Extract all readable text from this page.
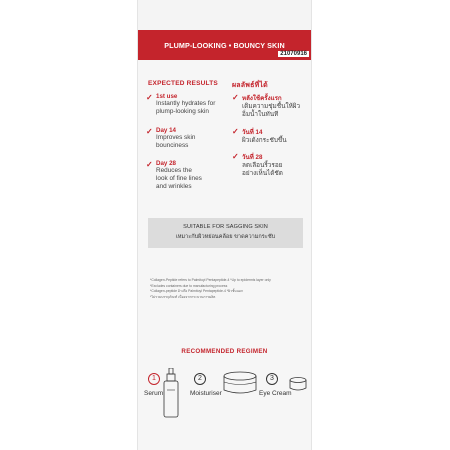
PLUMP-LOOKING • BOUNCY SKIN
21070916
EXPECTED RESULTS ผลลัพธ์ที่ได้
✓ 1st use
Instantly hydrates for
plump-looking skin
✓ Day 14
Improves skin
bounciness
✓ Day 28
Reduces the
look of fine lines
and wrinkles
✓ หลังใช้ครั้งแรก
เติมความชุ่มชื้นให้ผิว
อิ่มน้ำในทันที
✓ วันที่ 14
ผิวเด้งกระชับขึ้น
✓ วันที่ 28
ลดเลือนริ้วรอย
อย่างเห็นได้ชัด
SUITABLE FOR SAGGING SKIN
เหมาะกับผิวหย่อนคล้อย ขาดความกระชับ
*Collagen-Peptide refers to Palmitoyl Pentapeptide-4 *Up to epidermis layer only
*Excludes containers due to manufacturing process
*Collagen-peptide อ้างถึง Palmitoyl Pentapeptide-4 *ผิวชั้นนอก
*ไม่รวมบรรจุภัณฑ์ เนื่องจากกระบวนการผลิต
RECOMMENDED REGIMEN
1
Serum
2
Moisturiser
3
Eye Cream
